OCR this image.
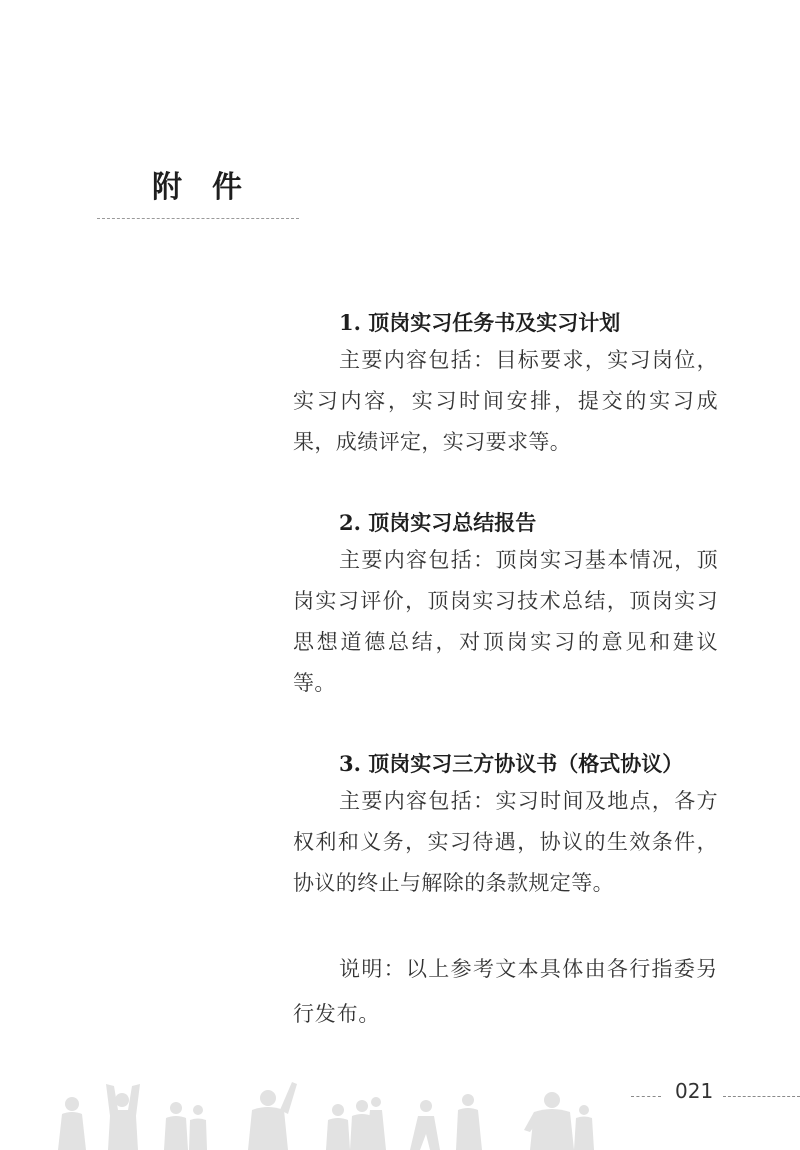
附件

1. 顶岗实习任务书及实习计划

主要内容包括：目标要求，实习岗位，实习内容，实习时间安排，提交的实习成果，成绩评定，实习要求等。

2. 顶岗实习总结报告

主要内容包括：顶岗实习基本情况，顶岗实习评价，顶岗实习技术总结，顶岗实习思想道德总结，对顶岗实习的意见和建议等。

3. 顶岗实习三方协议书（格式协议）

主要内容包括：实习时间及地点，各方权利和义务，实习待遇，协议的生效条件，协议的终止与解除的条款规定等。

说明：以上参考文本具体由各行指委另行发布。

021
